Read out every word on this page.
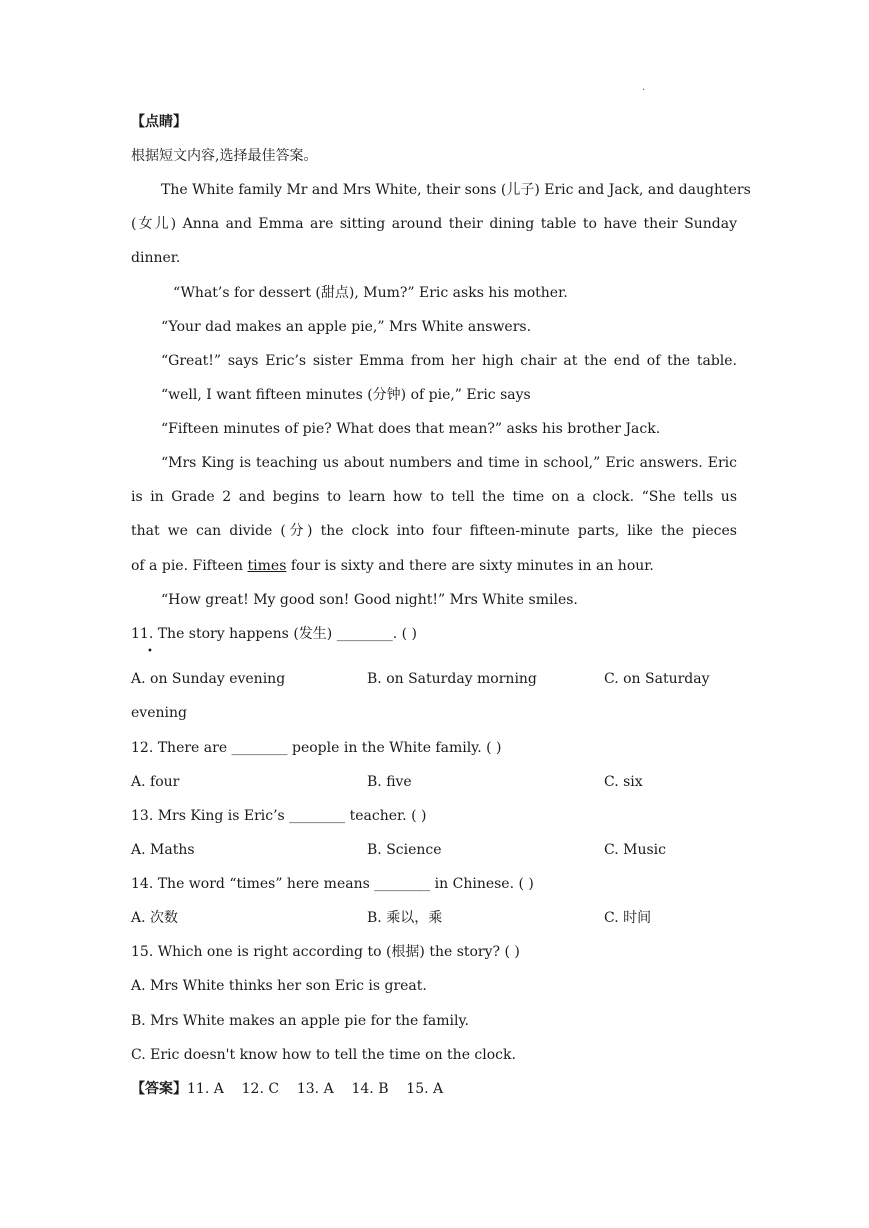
.
【点睛】
根据短文内容,选择最佳答案。
The White family Mr and Mrs White, their sons (儿子) Eric and Jack, and daughters
(女儿) Anna and Emma are sitting around their dining table to have their Sunday
dinner.
“What’s for dessert (甜点), Mum?” Eric asks his mother.
“Your dad makes an apple pie,” Mrs White answers.
“Great!” says Eric’s sister Emma from her high chair at the end of the table.
“well, I want fifteen minutes (分钟) of pie,” Eric says
“Fifteen minutes of pie? What does that mean?” asks his brother Jack.
“Mrs King is teaching us about numbers and time in school,” Eric answers. Eric
is in Grade 2 and begins to learn how to tell the time on a clock. “She tells us
that we can divide (分) the clock into four fifteen-minute parts, like the pieces
of a pie. Fifteen times four is sixty and there are sixty minutes in an hour.
“How great! My good son! Good night!” Mrs White smiles.
11. The story happens (发生) ________. ( )
•
A. on Sunday evening	B. on Saturday morning	C. on Saturday
evening
12. There are ________ people in the White family. ( )
A. four	B. five	C. six
13. Mrs King is Eric’s ________ teacher. ( )
A. Maths	B. Science	C. Music
14. The word “times” here means ________ in Chinese. ( )
A. 次数	B. 乘以，乘	C. 时间
15. Which one is right according to (根据) the story? ( )
A. Mrs White thinks her son Eric is great.
B. Mrs White makes an apple pie for the family.
C. Eric doesn't know how to tell the time on the clock.
【答案】11. A    12. C    13. A    14. B    15. A
